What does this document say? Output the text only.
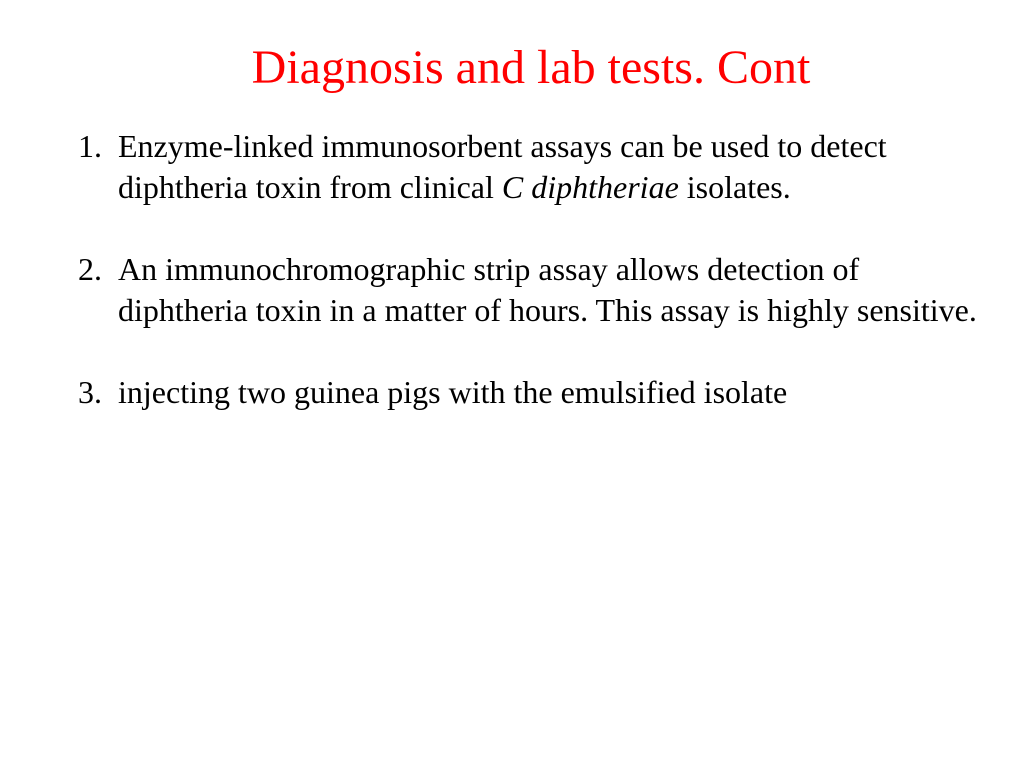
Diagnosis and lab tests. Cont
1. Enzyme-linked immunosorbent assays can be used to detect diphtheria toxin from clinical C diphtheriae isolates.
2. An immunochromographic strip assay allows detection of diphtheria toxin in a matter of hours. This assay is highly sensitive.
3. injecting two guinea pigs with the emulsified isolate
